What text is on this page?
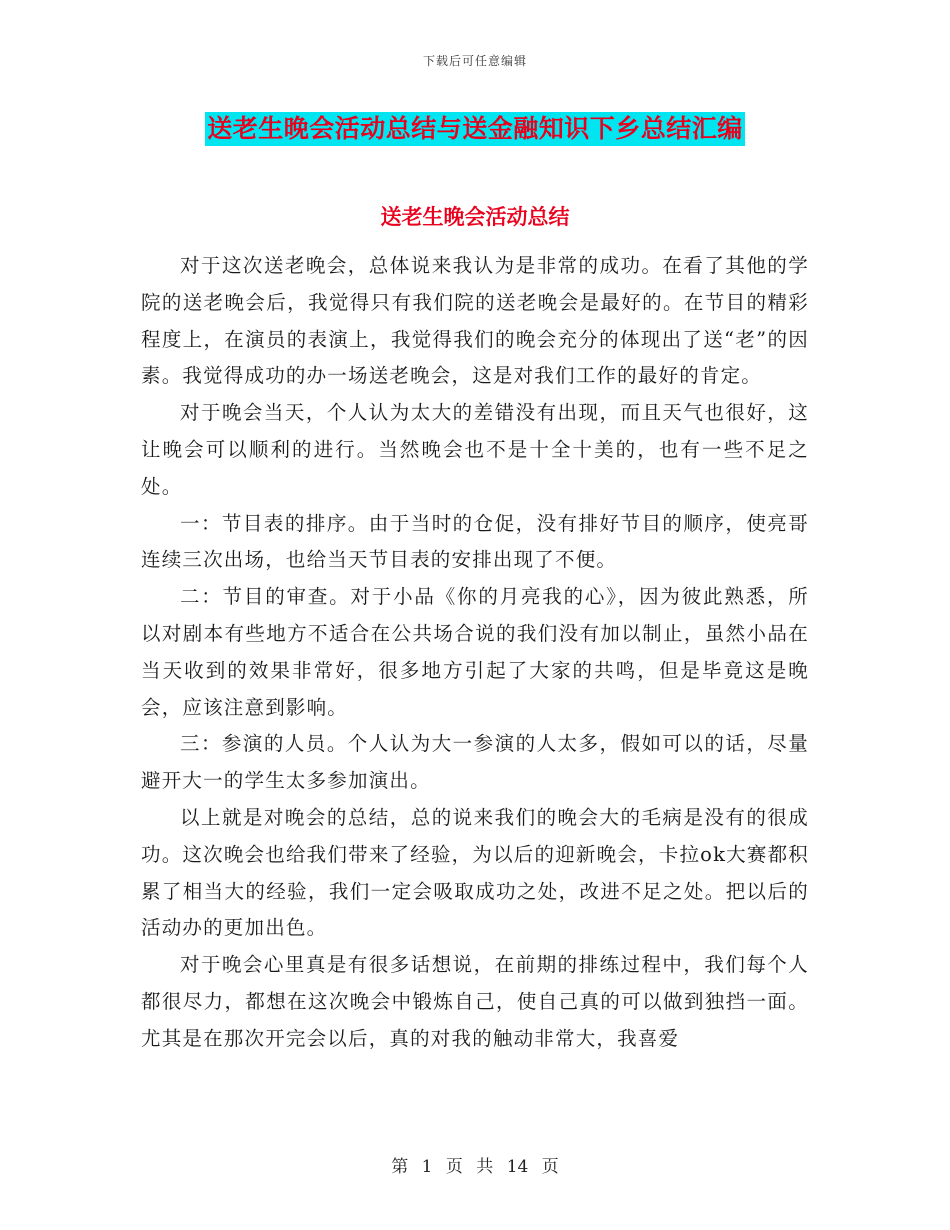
下载后可任意编辑
送老生晚会活动总结与送金融知识下乡总结汇编
送老生晚会活动总结

对于这次送老晚会，总体说来我认为是非常的成功。在看了其他的学院的送老晚会后，我觉得只有我们院的送老晚会是最好的。在节目的精彩程度上，在演员的表演上，我觉得我们的晚会充分的体现出了送“老”的因素。我觉得成功的办一场送老晚会，这是对我们工作的最好的肯定。

对于晚会当天，个人认为太大的差错没有出现，而且天气也很好，这让晚会可以顺利的进行。当然晚会也不是十全十美的，也有一些不足之处。

一：节目表的排序。由于当时的仓促，没有排好节目的顺序，使亮哥连续三次出场，也给当天节目表的安排出现了不便。

二：节目的审查。对于小品《你的月亮我的心》，因为彼此熟悉，所以对剧本有些地方不适合在公共场合说的我们没有加以制止，虽然小品在当天收到的效果非常好，很多地方引起了大家的共鸣，但是毕竟这是晚会，应该注意到影响。

三：参演的人员。个人认为大一参演的人太多，假如可以的话，尽量避开大一的学生太多参加演出。

以上就是对晚会的总结，总的说来我们的晚会大的毛病是没有的很成功。这次晚会也给我们带来了经验，为以后的迎新晚会，卡拉ok大赛都积累了相当大的经验，我们一定会吸取成功之处，改进不足之处。把以后的活动办的更加出色。

对于晚会心里真是有很多话想说，在前期的排练过程中，我们每个人都很尽力，都想在这次晚会中锻炼自己，使自己真的可以做到独挡一面。尤其是在那次开完会以后，真的对我的触动非常大，我喜爱

第 1 页 共 14 页
